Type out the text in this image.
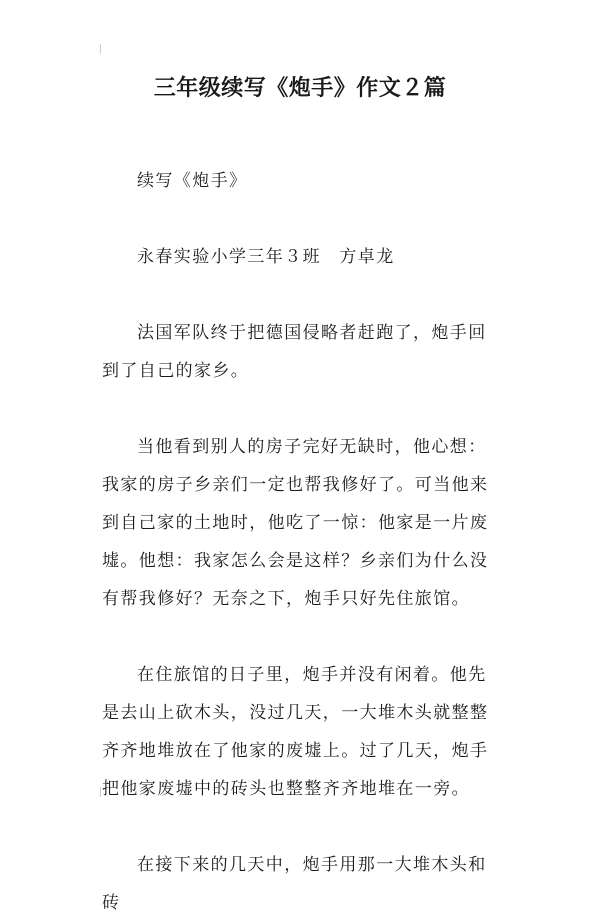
三年级续写《炮手》作文２篇

续写《炮手》

永春实验小学三年３班　方卓龙

法国军队终于把德国侵略者赶跑了，炮手回到了自己的家乡。

当他看到别人的房子完好无缺时，他心想：我家的房子乡亲们一定也帮我修好了。可当他来到自己家的土地时，他吃了一惊：他家是一片废墟。他想：我家怎么会是这样？乡亲们为什么没有帮我修好？无奈之下，炮手只好先住旅馆。

在住旅馆的日子里，炮手并没有闲着。他先是去山上砍木头，没过几天，一大堆木头就整整齐齐地堆放在了他家的废墟上。过了几天，炮手把他家废墟中的砖头也整整齐齐地堆在一旁。

在接下来的几天中，炮手用那一大堆木头和砖
